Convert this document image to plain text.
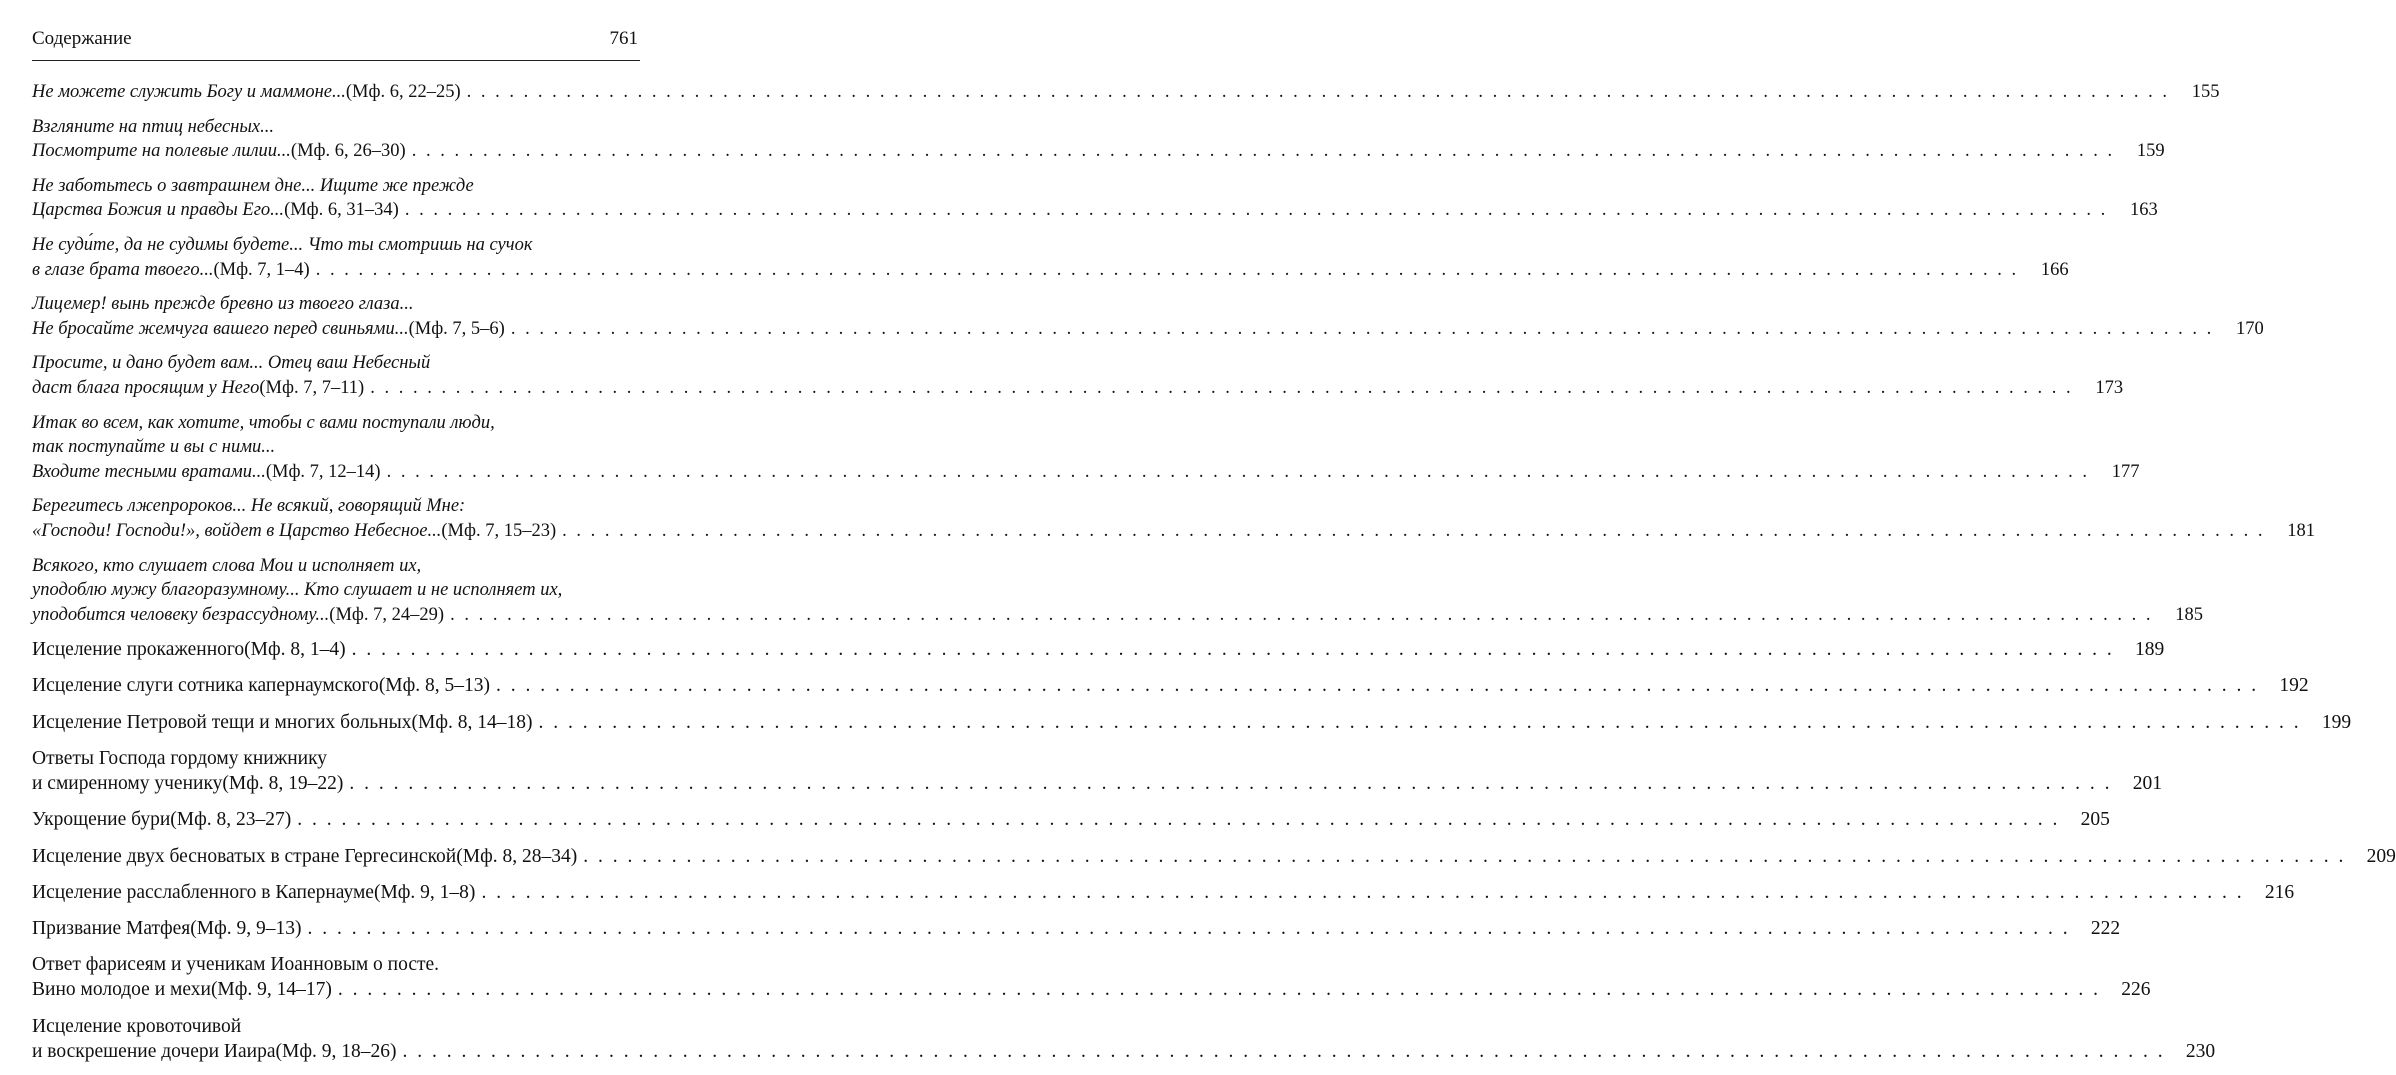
Содержание	761
Не можете служить Богу и маммоне... (Мф. 6, 22–25) . . . . . . . . . . . . . . . . . . . . . . . . . . . . . . . . . . . . . . . . . . . . . . . . . . . . . . . . . . . . . . . . . . . . . . . . . . . . . . . . . . . . . . . . . . . . . . . . . . . . . . . . . . . . . . . . . . . . . . . .	155
Взгляните на птиц небесных...
Посмотрите на полевые лилии... (Мф. 6, 26–30) . . . . . . . . . . . . . . . . . . . . . . . . . . . . . . . . . . . . . . . . . . . . . . . . . . . . . . . . . . . . . . . . . . . . . . . . . . . . . . . . . . . . . . . . . . . . . . . . . . . . . . . . . . . . . . . . . . . . . . . .	159
Не заботьтесь о завтрашнем дне... Ищите же прежде
Царства Божия и правды Его... (Мф. 6, 31–34) . . . . . . . . . . . . . . . . . . . . . . . . . . . . . . . . . . . . . . . . . . . . . . . . . . . . . . . . . . . . . . . . . . . . . . . . . . . . . . . . . . . . . . . . . . . . . . . . . . . . . . . . . . . . . . . . . . . . . . . .	163
Не суди́те, да не судимы будете... Что ты смотришь на сучок
в глазе брата твоего... (Мф. 7, 1–4) . . . . . . . . . . . . . . . . . . . . . . . . . . . . . . . . . . . . . . . . . . . . . . . . . . . . . . . . . . . . . . . . . . . . . . . . . . . . . . . . . . . . . . . . . . . . . . . . . . . . . . . . . . . . . . . . . . . . . . . .	166
Лицемер! вынь прежде бревно из твоего глаза...
Не бросайте жемчуга вашего перед свиньями... (Мф. 7, 5–6) . . . . . . . . . . . . . . . . . . . . . . . . . . . . . . . . . . . . . . . . . . . . . . . . . . . . . . . . . . . . . . . . . . . . . . . . . . . . . . . . . . . . . . . . . . . . . . . . . . . . . . . . . . . . . . . . . . . . . . . .	170
Просите, и дано будет вам... Отец ваш Небесный
даст блага просящим у Него (Мф. 7, 7–11) . . . . . . . . . . . . . . . . . . . . . . . . . . . . . . . . . . . . . . . . . . . . . . . . . . . . . . . . . . . . . . . . . . . . . . . . . . . . . . . . . . . . . . . . . . . . . . . . . . . . . . . . . . . . . . . . . . . . . . . .	173
Итак во всем, как хотите, чтобы с вами поступали люди,
так поступайте и вы с ними...
Входите тесными вратами... (Мф. 7, 12–14) . . . . . . . . . . . . . . . . . . . . . . . . . . . . . . . . . . . . . . . . . . . . . . . . . . . . . . . . . . . . . . . . . . . . . . . . . . . . . . . . . . . . . . . . . . . . . . . . . . . . . . . . . . . . . . . . . . . . . . . .	177
Берегитесь лжепророков... Не всякий, говорящий Мне:
«Господи! Господи!», войдет в Царство Небесное... (Мф. 7, 15–23) . . . . . . . . . . . . . . . . . . . . . . . . . . . . . . . . . . . . . . . . . . . . . . . . . . . . . . . . . . . . . . . . . . . . . . . . . . . . . . . . . . . . . . . . . . . . . . . . . . . . . . . . . . . . . . . . . . . . . . . .	181
Всякого, кто слушает слова Мои и исполняет их,
уподоблю мужу благоразумному... Кто слушает и не исполняет их,
уподобится человеку безрассудному... (Мф. 7, 24–29) . . . . . . . . . . . . . . . . . . . . . . . . . . . . . . . . . . . . . . . . . . . . . . . . . . . . . . . . . . . . . . . . . . . . . . . . . . . . . . . . . . . . . . . . . . . . . . . . . . . . . . . . . . . . . . . . . . . . . . . .	185
Исцеление прокаженного (Мф. 8, 1–4) . . . . . . . . . . . . . . . . . . . . . . . . . . . . . . . . . . . . . . . . . . . . . . . . . . . . . . . . . . . . . . . . . . . . . . . . . . . . . . . . . . . . . . . . . . . . . . . . . . . . . . . . . . . . . . . . . . . . . . . .	189
Исцеление слуги сотника капернаумского (Мф. 8, 5–13) . . . . . . . . . . . . . . . . . . . . . . . . . . . . . . . . . . . . . . . . . . . . . . . . . . . . . . . . . . . . . . . . . . . . . . . . . . . . . . . . . . . . . . . . . . . . . . . . . . . . . . . . . . . . . . . . . . . . . . . .	192
Исцеление Петровой тещи и многих больных (Мф. 8, 14–18) . . . . . . . . . . . . . . . . . . . . . . . . . . . . . . . . . . . . . . . . . . . . . . . . . . . . . . . . . . . . . . . . . . . . . . . . . . . . . . . . . . . . . . . . . . . . . . . . . . . . . . . . . . . . . . . . . . . . . . . .	199
Ответы Господа гордому книжнику
и смиренному ученику (Мф. 8, 19–22) . . . . . . . . . . . . . . . . . . . . . . . . . . . . . . . . . . . . . . . . . . . . . . . . . . . . . . . . . . . . . . . . . . . . . . . . . . . . . . . . . . . . . . . . . . . . . . . . . . . . . . . . . . . . . . . . . . . . . . . .	201
Укрощение бури (Мф. 8, 23–27) . . . . . . . . . . . . . . . . . . . . . . . . . . . . . . . . . . . . . . . . . . . . . . . . . . . . . . . . . . . . . . . . . . . . . . . . . . . . . . . . . . . . . . . . . . . . . . . . . . . . . . . . . . . . . . . . . . . . . . . .	205
Исцеление двух бесноватых в стране Гергесинской (Мф. 8, 28–34) . . . . . . . . . . . . . . . . . . . . . . . . . . . . . . . . . . . . . . . . . . . . . . . . . . . . . . . . . . . . . . . . . . . . . . . . . . . . . . . . . . . . . . . . . . . . . . . . . . . . . . . . . . . . . . . . . . . . . . . .	209
Исцеление расслабленного в Капернауме (Мф. 9, 1–8) . . . . . . . . . . . . . . . . . . . . . . . . . . . . . . . . . . . . . . . . . . . . . . . . . . . . . . . . . . . . . . . . . . . . . . . . . . . . . . . . . . . . . . . . . . . . . . . . . . . . . . . . . . . . . . . . . . . . . . . .	216
Призвание Матфея (Мф. 9, 9–13) . . . . . . . . . . . . . . . . . . . . . . . . . . . . . . . . . . . . . . . . . . . . . . . . . . . . . . . . . . . . . . . . . . . . . . . . . . . . . . . . . . . . . . . . . . . . . . . . . . . . . . . . . . . . . . . . . . . . . . . .	222
Ответ фарисеям и ученикам Иоанновым о посте.
Вино молодое и мехи (Мф. 9, 14–17) . . . . . . . . . . . . . . . . . . . . . . . . . . . . . . . . . . . . . . . . . . . . . . . . . . . . . . . . . . . . . . . . . . . . . . . . . . . . . . . . . . . . . . . . . . . . . . . . . . . . . . . . . . . . . . . . . . . . . . . .	226
Исцеление кровоточивой
и воскрешение дочери Иаира (Мф. 9, 18–26) . . . . . . . . . . . . . . . . . . . . . . . . . . . . . . . . . . . . . . . . . . . . . . . . . . . . . . . . . . . . . . . . . . . . . . . . . . . . . . . . . . . . . . . . . . . . . . . . . . . . . . . . . . . . . . . . . . . . . . . .	230
